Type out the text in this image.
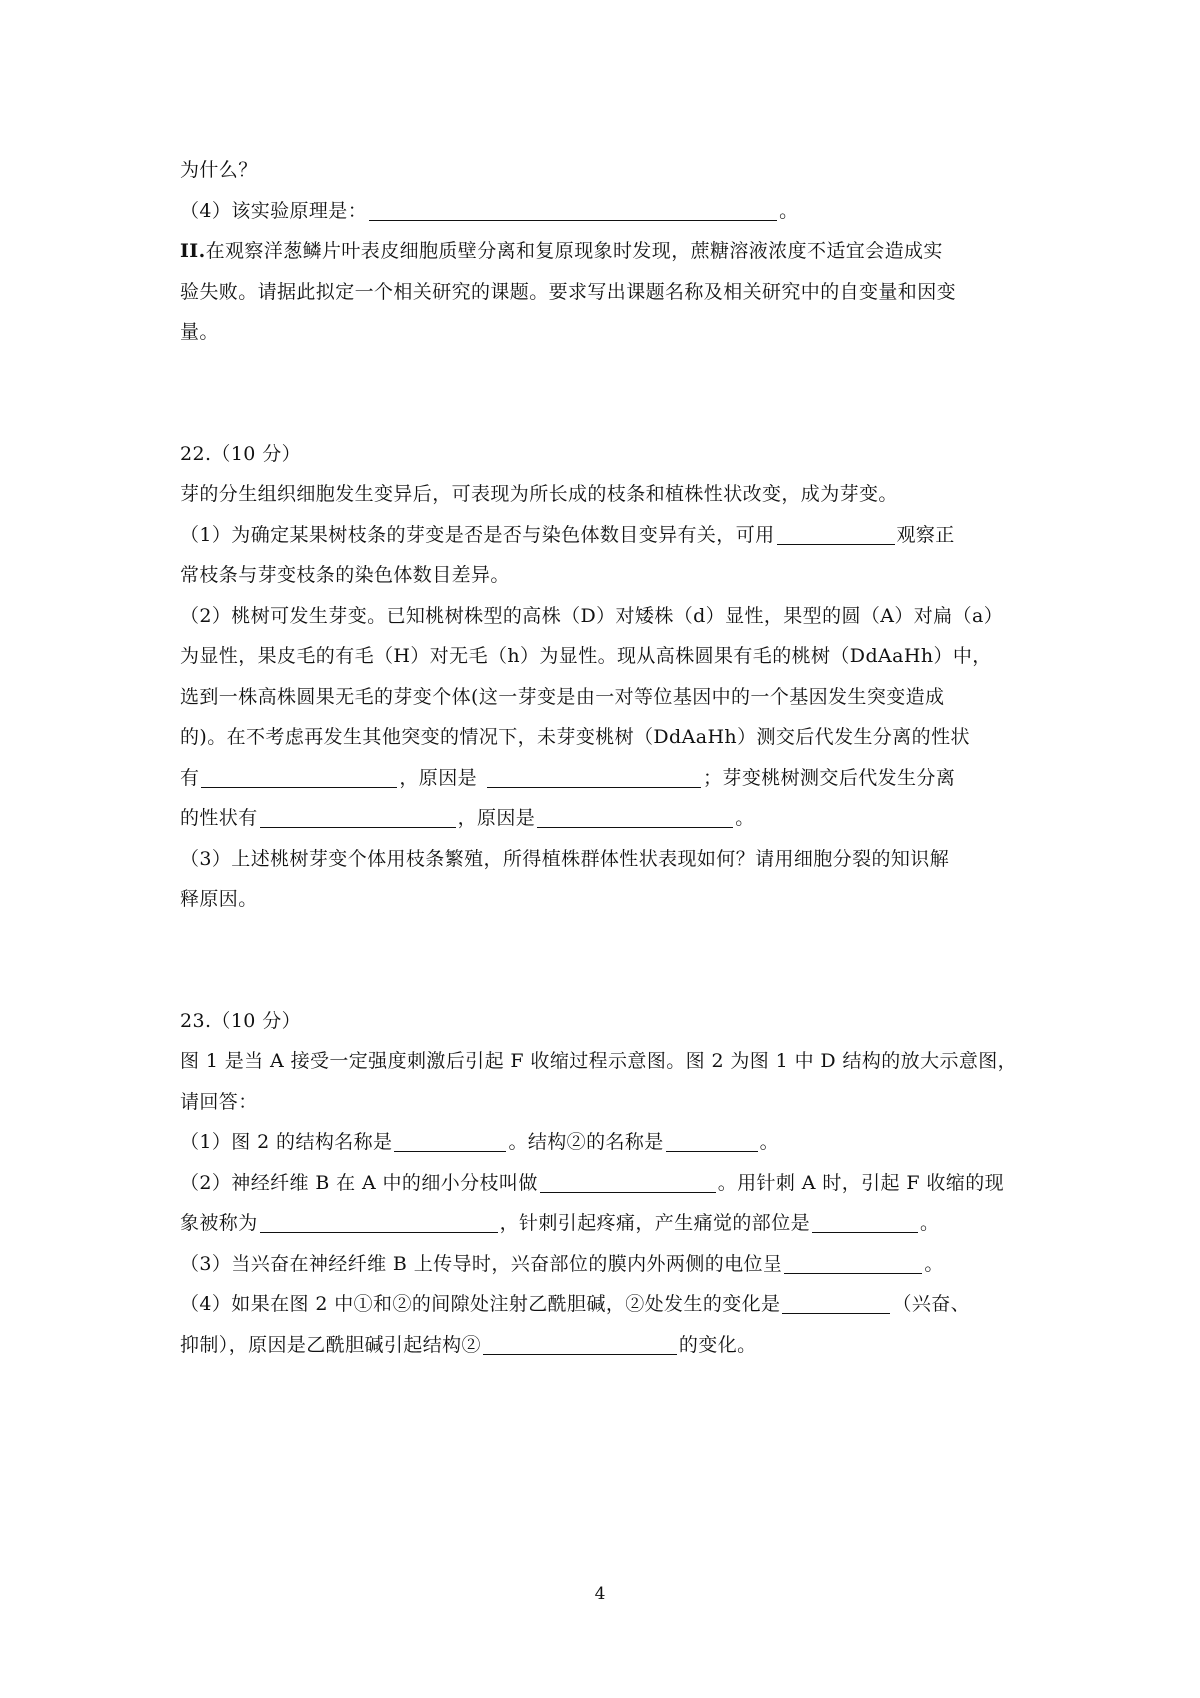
为什么？
（4）该实验原理是：	。
II.在观察洋葱鳞片叶表皮细胞质壁分离和复原现象时发现，蔗糖溶液浓度不适宜会造成实
验失败。请据此拟定一个相关研究的课题。要求写出课题名称及相关研究中的自变量和因变
量。
22.（10 分）
芽的分生组织细胞发生变异后，可表现为所长成的枝条和植株性状改变，成为芽变。
（1）为确定某果树枝条的芽变是否是否与染色体数目变异有关，可用	观察正
常枝条与芽变枝条的染色体数目差异。
（2）桃树可发生芽变。已知桃树株型的高株（D）对矮株（d）显性，果型的圆（A）对扁（a）
为显性，果皮毛的有毛（H）对无毛（h）为显性。现从高株圆果有毛的桃树（DdAaHh）中，
选到一株高株圆果无毛的芽变个体(这一芽变是由一对等位基因中的一个基因发生突变造成
的)。在不考虑再发生其他突变的情况下，未芽变桃树（DdAaHh）测交后代发生分离的性状
有	，原因是	；芽变桃树测交后代发生分离
的性状有	，原因是	。
（3）上述桃树芽变个体用枝条繁殖，所得植株群体性状表现如何？请用细胞分裂的知识解
释原因。
23.（10 分）
图 1 是当 A 接受一定强度刺激后引起 F 收缩过程示意图。图 2 为图 1 中 D 结构的放大示意图，
请回答：
（1）图 2 的结构名称是	。结构②的名称是	。
（2）神经纤维 B 在 A 中的细小分枝叫做	。用针刺 A 时，引起 F 收缩的现
象被称为	，针刺引起疼痛，产生痛觉的部位是	。
（3）当兴奋在神经纤维 B 上传导时，兴奋部位的膜内外两侧的电位呈	。
（4）如果在图 2 中①和②的间隙处注射乙酰胆碱，②处发生的变化是	（兴奋、
抑制），原因是乙酰胆碱引起结构②	的变化。
4
